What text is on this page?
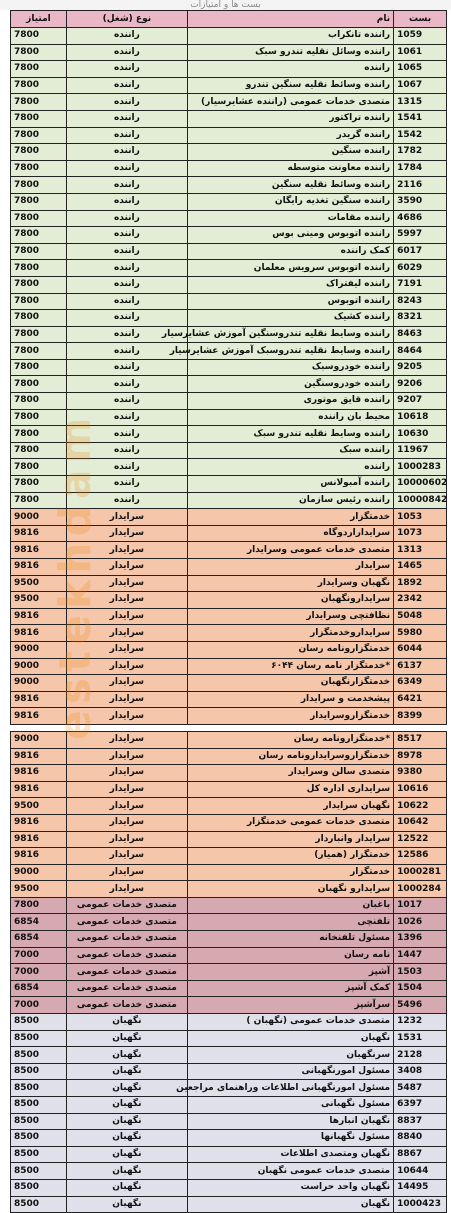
بست ها و امتیازات
امتیاز	نوع (شغل)	نام	بست
7800	راننده	راننده تانکراب	1059
7800	راننده	راننده وسائل نقلیه تندرو سبک	1061
7800	راننده	راننده	1065
7800	راننده	راننده وسائط نقلیه سنگین تندرو	1067
7800	راننده	متصدی خدمات عمومی (راننده عشایرسیار)	1315
7800	راننده	راننده تراکتور	1541
7800	راننده	راننده گریدر	1542
7800	راننده	راننده سنگین	1782
7800	راننده	راننده معاونت متوسطه	1784
7800	راننده	راننده وسائط نقلیه سنگین	2116
7800	راننده	راننده سنگین تغذیه رایگان	3590
7800	راننده	راننده مقامات	4686
7800	راننده	راننده اتوبوس ومینی بوس	5997
7800	راننده	کمک راننده	6017
7800	راننده	راننده اتوبوس سرویس معلمان	6029
7800	راننده	راننده لیفتراک	7191
7800	راننده	راننده اتوبوس	8243
7800	راننده	راننده کشیک	8321
7800	راننده	راننده وسایط نقلیه تندروسنگین آموزش عشایرسیار	8463
7800	راننده	راننده وسایط نقلیه تندروسبک آموزش عشایرسیار	8464
7800	راننده	راننده خودروسبک	9205
7800	راننده	راننده خودروسنگین	9206
7800	راننده	راننده قایق موتوری	9207
7800	راننده	محیط بان راننده	10618
7800	راننده	راننده وسایط نقلیه تندرو سبک	10630
7800	راننده	راننده سبک	11967
7800	راننده	راننده	1000283
7800	راننده	راننده آمبولانس	10000602
7800	راننده	راننده رئیس سازمان	10000842
9000	سرایدار	خدمتگزار	1053
9816	سرایدار	سرایداراردوگاه	1073
9816	سرایدار	متصدی خدمات عمومی وسرایدار	1313
9816	سرایدار	سرایدار	1465
9500	سرایدار	نگهبان وسرایدار	1892
9500	سرایدار	سرایدارونگهبان	2342
9816	سرایدار	نظافتچی وسرایدار	5048
9816	سرایدار	سرایداروخدمتگزار	5980
9000	سرایدار	خدمتگزارونامه رسان	6044
9000	سرایدار	*خدمتگزار نامه رسان ۶۰۴۴	6137
9000	سرایدار	خدمتگزارنگهبان	6349
9816	سرایدار	پیشخدمت و سرایدار	6421
9816	سرایدار	خدمتگزاروسرایدار	8399

9000	سرایدار	*خدمتگزارونامه رسان	8517
9816	سرایدار	خدمتگزاروسرایدارونامه رسان	8978
9816	سرایدار	متصدی سالن وسرایدار	9380
9816	سرایدار	سرایداری اداره کل	10616
9500	سرایدار	نگهبان سرایدار	10622
9816	سرایدار	متصدی خدمات عمومی خدمتگزار	10642
9816	سرایدار	سرایدار وانباردار	12522
9816	سرایدار	خدمتگزار (همیار)	12586
9000	سرایدار	خدمتگزار	1000281
9500	سرایدار	سرایدارو نگهبان	1000284
7800	متصدی خدمات عمومی	باغبان	1017
6854	متصدی خدمات عمومی	تلفنچی	1026
6854	متصدی خدمات عمومی	مسئول تلفنخانه	1396
7000	متصدی خدمات عمومی	نامه رسان	1447
7000	متصدی خدمات عمومی	آشپز	1503
6854	متصدی خدمات عمومی	کمک آشپز	1504
7000	متصدی خدمات عمومی	سرآشپز	5496
8500	نگهبان	متصدی خدمات عمومی (نگهبان )	1232
8500	نگهبان	نگهبان	1531
8500	نگهبان	سرنگهبان	2128
8500	نگهبان	مسئول امورنگهبانی	3408
8500	نگهبان	مسئول امورنگهبانی اطلاعات وراهنمای مراجعین	5487
8500	نگهبان	مسئول نگهبانی	6397
8500	نگهبان	نگهبان انبارها	8837
8500	نگهبان	مسئول نگهبانها	8840
8500	نگهبان	نگهبان ومتصدی اطلاعات	8867
8500	نگهبان	متصدی خدمات عمومی نگهبان	10644
8500	نگهبان	نگهبان واحد حراست	14495
8500	نگهبان	نگهبان	1000423
estekhdam
